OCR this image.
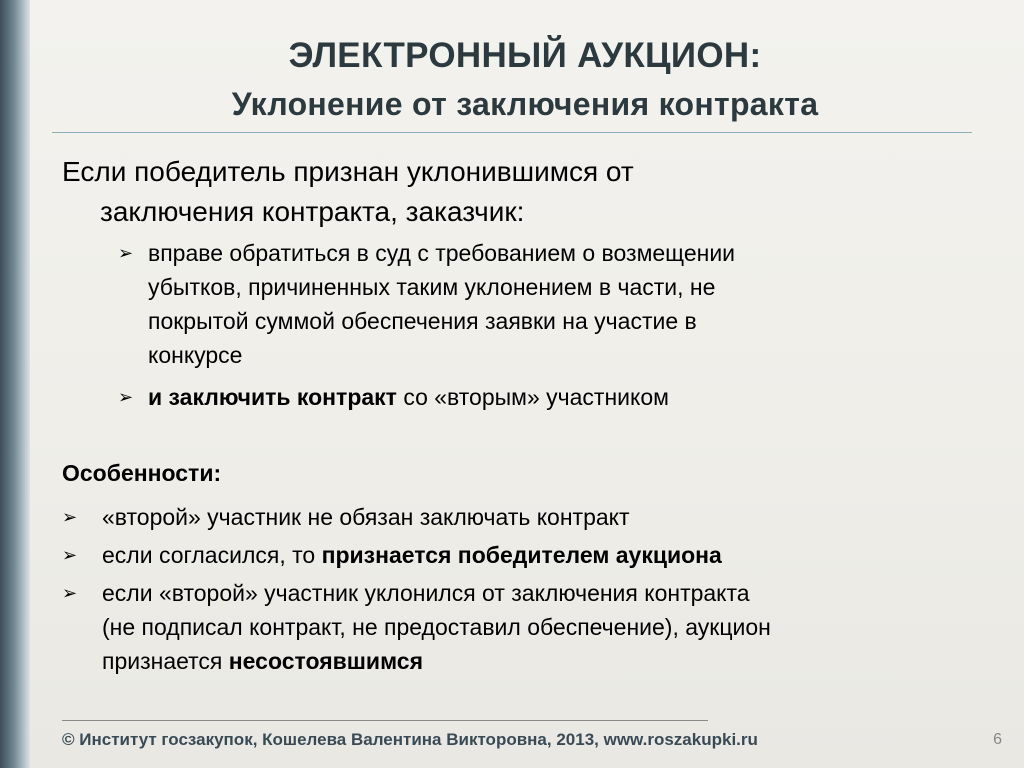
ЭЛЕКТРОННЫЙ АУКЦИОН:
Уклонение от заключения контракта
Если победитель признан уклонившимся от
заключения контракта, заказчик:
➢ вправе обратиться в суд с требованием о возмещении
убытков, причиненных таким уклонением в части, не
покрытой суммой обеспечения заявки на участие в
конкурсе
➢ и заключить контракт со «вторым» участником
Особенности:
➢ «второй» участник не обязан заключать контракт
➢ если согласился, то признается победителем аукциона
➢ если «второй» участник уклонился от заключения контракта
(не подписал контракт, не предоставил обеспечение), аукцион
признается несостоявшимся
© Институт госзакупок, Кошелева Валентина Викторовна, 2013, www.roszakupki.ru	6
